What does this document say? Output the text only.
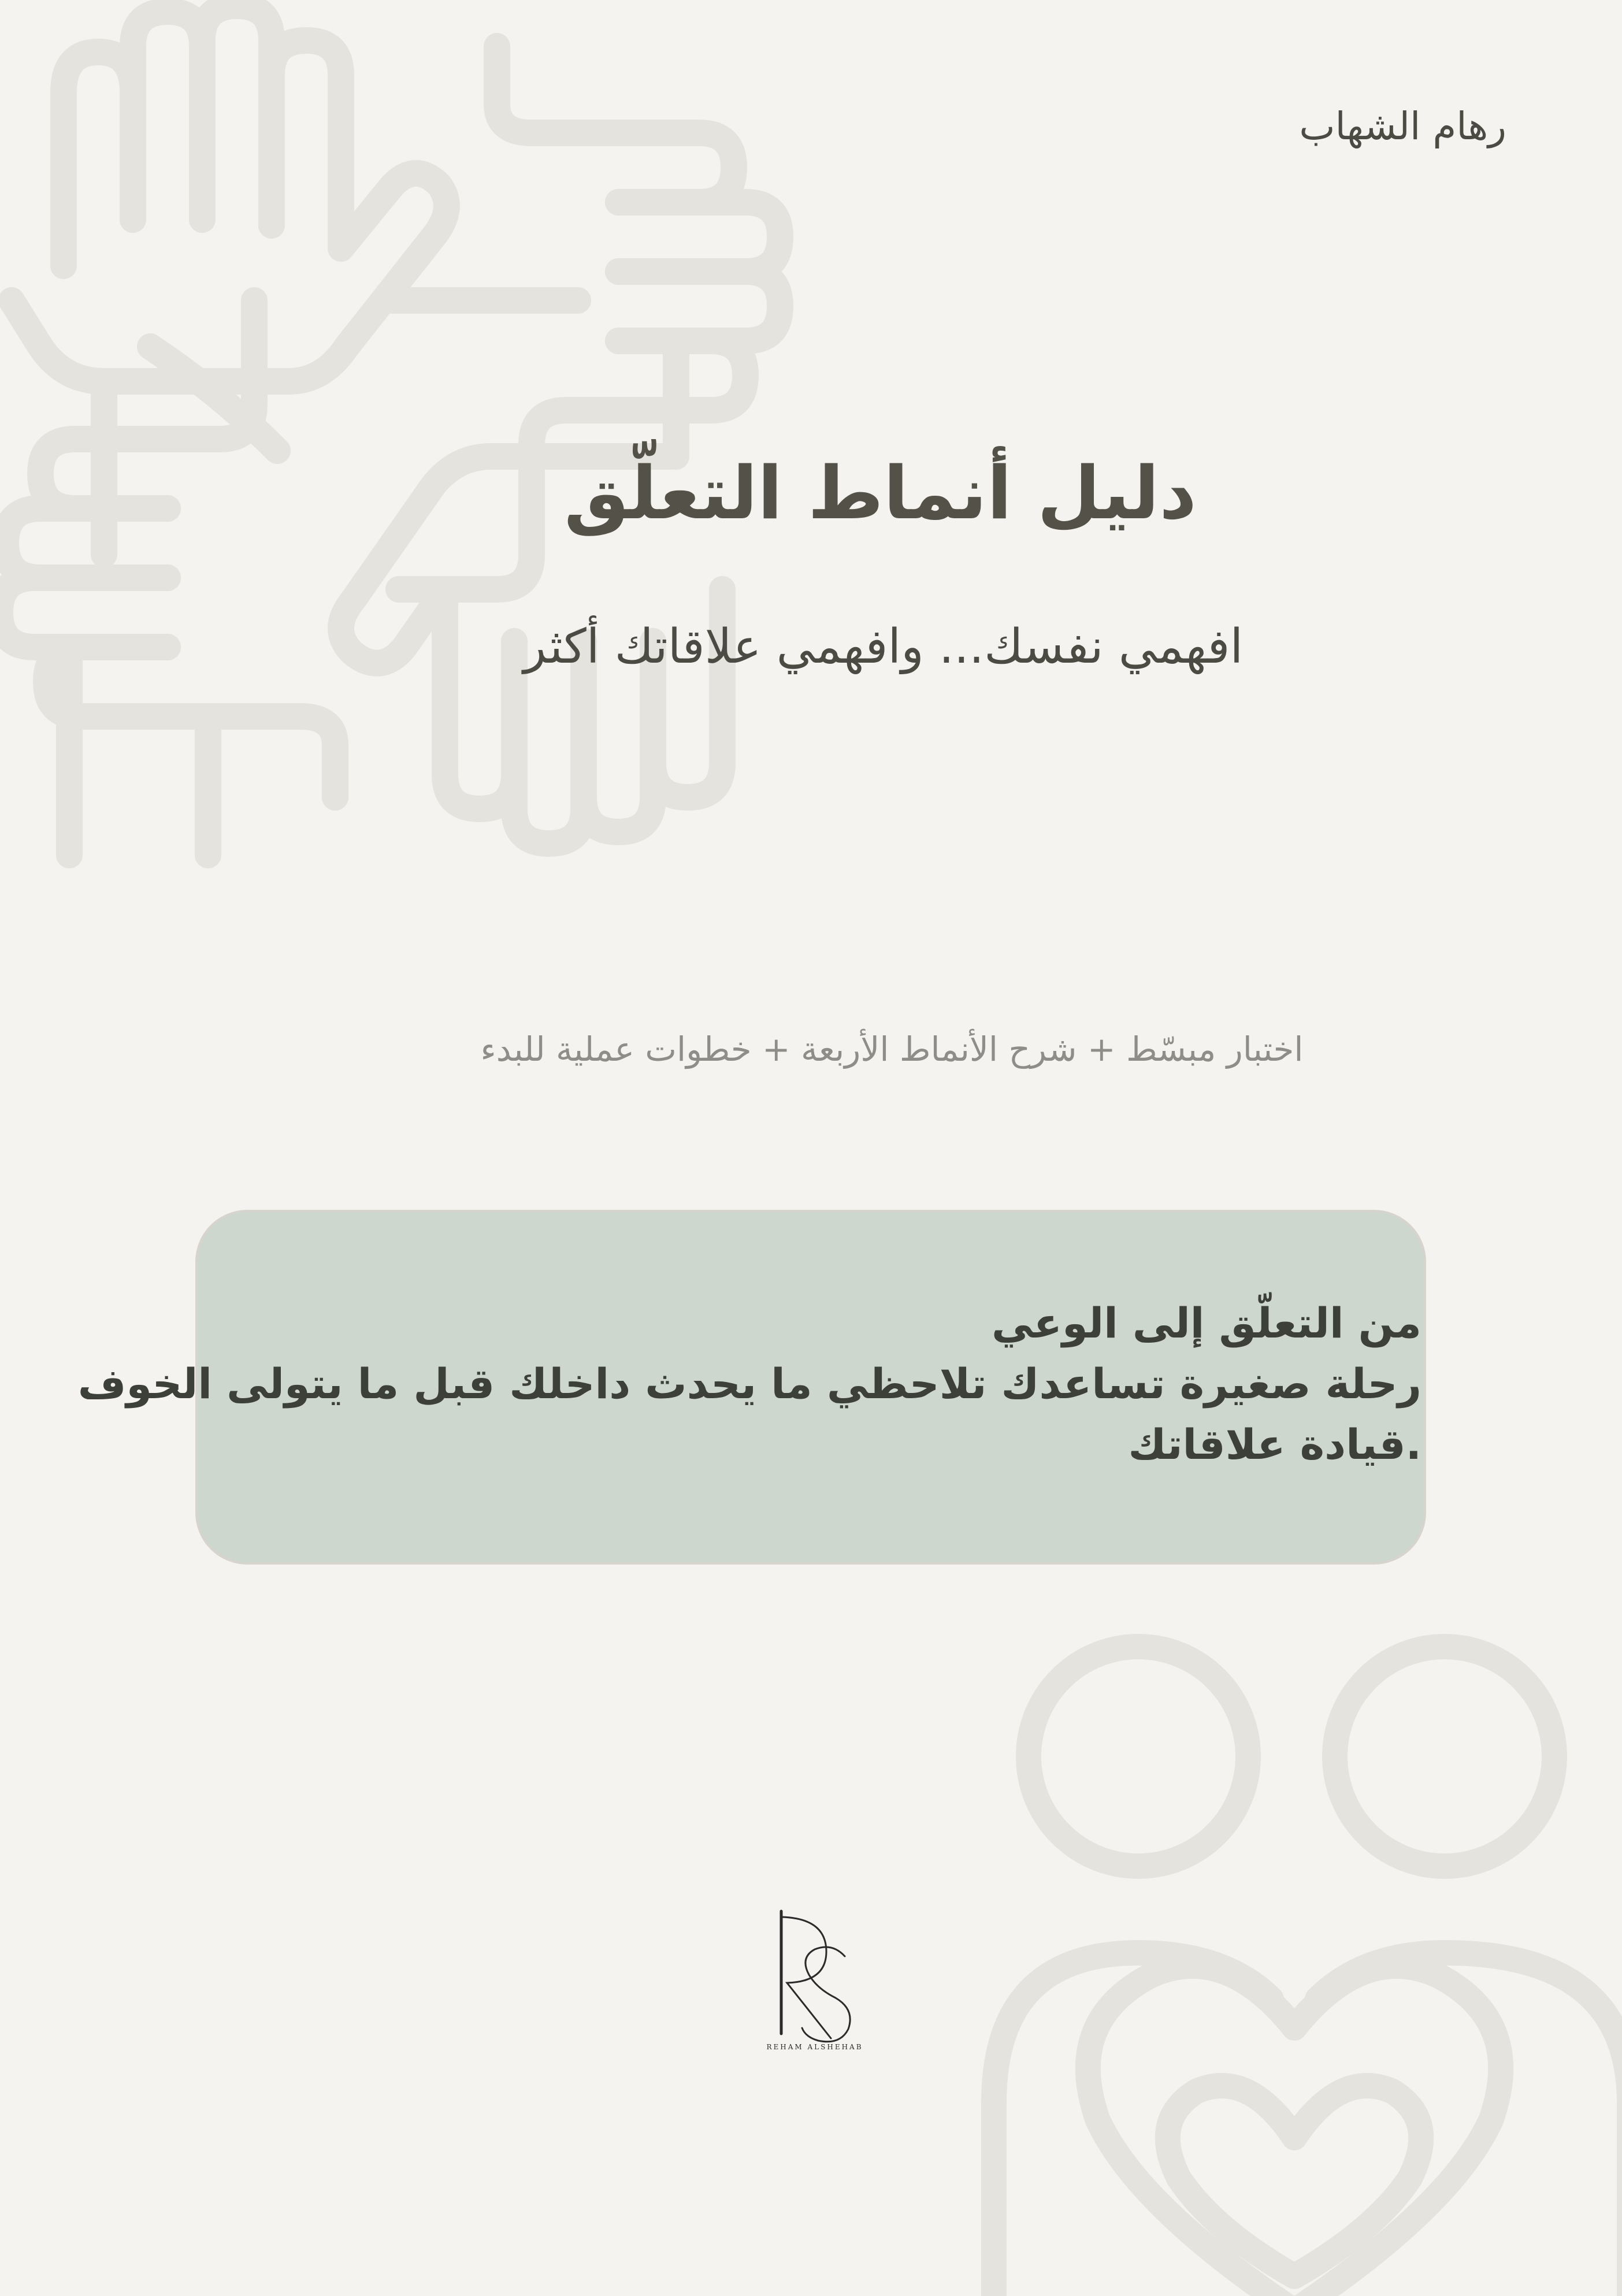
رهام الشهاب
دليل أنماط التعلّق
افهمي نفسك... وافهمي علاقاتك أكثر
اختبار مبسّط + شرح الأنماط الأربعة + خطوات عملية للبدء
من التعلّق إلى الوعي
رحلة صغيرة تساعدك تلاحظي ما يحدث داخلك قبل ما يتولى الخوف
.قيادة علاقاتك
REHAM ALSHEHAB
